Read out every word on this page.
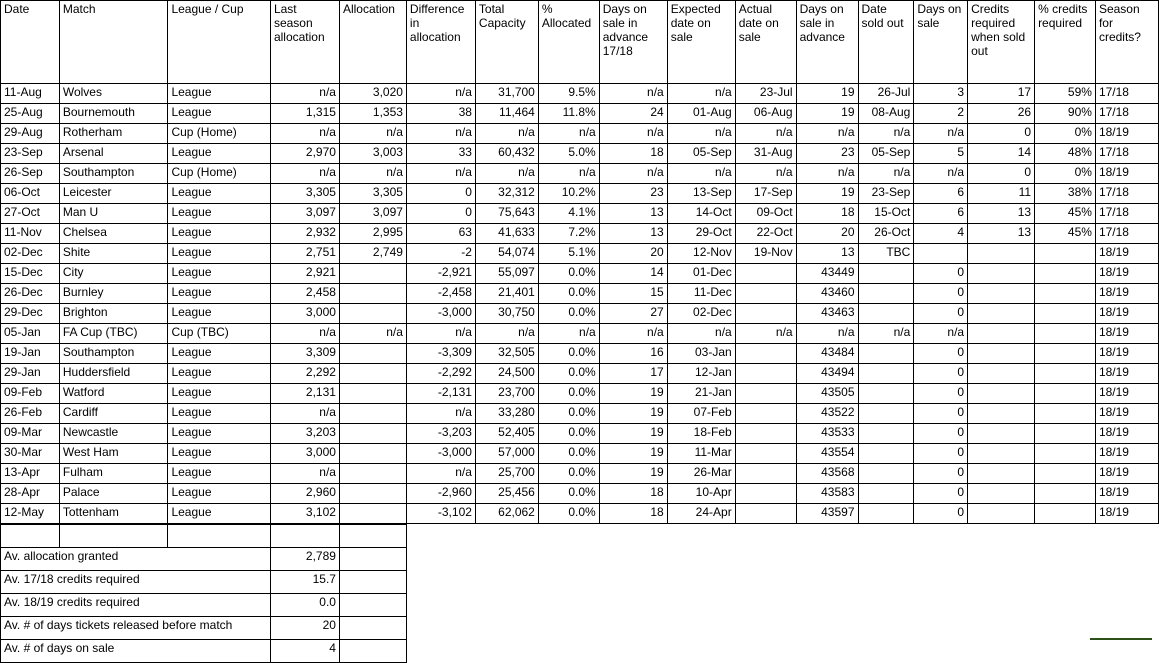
Date	Match	League / Cup	Last season allocation	Allocation	Difference in allocation	Total Capacity	% Allocated	Days on sale in advance 17/18	Expected date on sale	Actual date on sale	Days on sale in advance	Date sold out	Days on sale	Credits required when sold out	% credits required	Season for credits?
11-Aug	Wolves	League	n/a	3,020	n/a	31,700	9.5%	n/a	n/a	23-Jul	19	26-Jul	3	17	59%	17/18
25-Aug	Bournemouth	League	1,315	1,353	38	11,464	11.8%	24	01-Aug	06-Aug	19	08-Aug	2	26	90%	17/18
29-Aug	Rotherham	Cup (Home)	n/a	n/a	n/a	n/a	n/a	n/a	n/a	n/a	n/a	n/a	n/a	0	0%	18/19
23-Sep	Arsenal	League	2,970	3,003	33	60,432	5.0%	18	05-Sep	31-Aug	23	05-Sep	5	14	48%	17/18
26-Sep	Southampton	Cup (Home)	n/a	n/a	n/a	n/a	n/a	n/a	n/a	n/a	n/a	n/a	n/a	0	0%	18/19
06-Oct	Leicester	League	3,305	3,305	0	32,312	10.2%	23	13-Sep	17-Sep	19	23-Sep	6	11	38%	17/18
27-Oct	Man U	League	3,097	3,097	0	75,643	4.1%	13	14-Oct	09-Oct	18	15-Oct	6	13	45%	17/18
11-Nov	Chelsea	League	2,932	2,995	63	41,633	7.2%	13	29-Oct	22-Oct	20	26-Oct	4	13	45%	17/18
02-Dec	Shite	League	2,751	2,749	-2	54,074	5.1%	20	12-Nov	19-Nov	13	TBC				18/19
15-Dec	City	League	2,921		-2,921	55,097	0.0%	14	01-Dec		43449		0			18/19
26-Dec	Burnley	League	2,458		-2,458	21,401	0.0%	15	11-Dec		43460		0			18/19
29-Dec	Brighton	League	3,000		-3,000	30,750	0.0%	27	02-Dec		43463		0			18/19
05-Jan	FA Cup (TBC)	Cup (TBC)	n/a	n/a	n/a	n/a	n/a	n/a	n/a	n/a	n/a	n/a	n/a			18/19
19-Jan	Southampton	League	3,309		-3,309	32,505	0.0%	16	03-Jan		43484		0			18/19
29-Jan	Huddersfield	League	2,292		-2,292	24,500	0.0%	17	12-Jan		43494		0			18/19
09-Feb	Watford	League	2,131		-2,131	23,700	0.0%	19	21-Jan		43505		0			18/19
26-Feb	Cardiff	League	n/a		n/a	33,280	0.0%	19	07-Feb		43522		0			18/19
09-Mar	Newcastle	League	3,203		-3,203	52,405	0.0%	19	18-Feb		43533		0			18/19
30-Mar	West Ham	League	3,000		-3,000	57,000	0.0%	19	11-Mar		43554		0			18/19
13-Apr	Fulham	League	n/a		n/a	25,700	0.0%	19	26-Mar		43568		0			18/19
28-Apr	Palace	League	2,960		-2,960	25,456	0.0%	18	10-Apr		43583		0			18/19
12-May	Tottenham	League	3,102		-3,102	62,062	0.0%	18	24-Apr		43597		0			18/19

Av. allocation granted			2,789													
Av. 17/18 credits required			15.7													
Av. 18/19 credits required			0.0													
Av. # of days tickets released before match			20													
Av. # of days on sale			4													
